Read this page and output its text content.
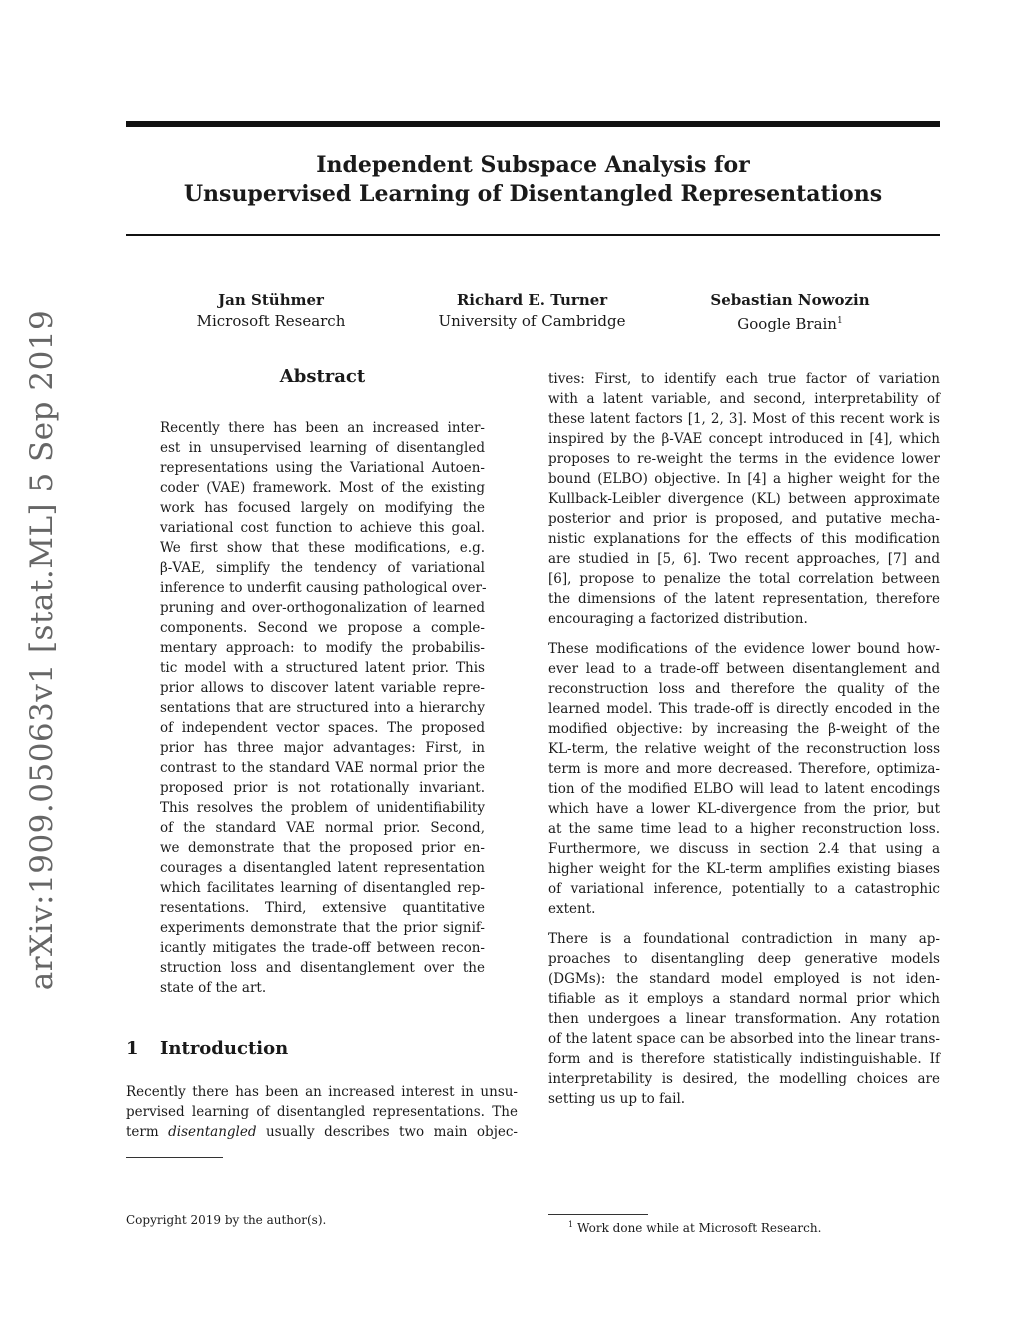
arXiv:1909.05063v1 [stat.ML] 5 Sep 2019
Independent Subspace Analysis for
Unsupervised Learning of Disentangled Representations
Jan Stühmer
Microsoft Research
Richard E. Turner
University of Cambridge
Sebastian Nowozin
Google Brain$^1$
Abstract
Recently there has been an increased inter-
est in unsupervised learning of disentangled
representations using the Variational Autoen-
coder (VAE) framework. Most of the existing
work has focused largely on modifying the
variational cost function to achieve this goal.
We first show that these modifications, e.g.
β-VAE, simplify the tendency of variational
inference to underfit causing pathological over-
pruning and over-orthogonalization of learned
components. Second we propose a comple-
mentary approach: to modify the probabilis-
tic model with a structured latent prior. This
prior allows to discover latent variable repre-
sentations that are structured into a hierarchy
of independent vector spaces. The proposed
prior has three major advantages: First, in
contrast to the standard VAE normal prior the
proposed prior is not rotationally invariant.
This resolves the problem of unidentifiability
of the standard VAE normal prior. Second,
we demonstrate that the proposed prior en-
courages a disentangled latent representation
which facilitates learning of disentangled rep-
resentations. Third, extensive quantitative
experiments demonstrate that the prior signif-
icantly mitigates the trade-off between recon-
struction loss and disentanglement over the
state of the art.
1 Introduction
Recently there has been an increased interest in unsu-
pervised learning of disentangled representations. The
term disentangled usually describes two main objec-
Copyright 2019 by the author(s).
tives: First, to identify each true factor of variation
with a latent variable, and second, interpretability of
these latent factors [1, 2, 3]. Most of this recent work is
inspired by the β-VAE concept introduced in [4], which
proposes to re-weight the terms in the evidence lower
bound (ELBO) objective. In [4] a higher weight for the
Kullback-Leibler divergence (KL) between approximate
posterior and prior is proposed, and putative mecha-
nistic explanations for the effects of this modification
are studied in [5, 6]. Two recent approaches, [7] and
[6], propose to penalize the total correlation between
the dimensions of the latent representation, therefore
encouraging a factorized distribution.
These modifications of the evidence lower bound how-
ever lead to a trade-off between disentanglement and
reconstruction loss and therefore the quality of the
learned model. This trade-off is directly encoded in the
modified objective: by increasing the β-weight of the
KL-term, the relative weight of the reconstruction loss
term is more and more decreased. Therefore, optimiza-
tion of the modified ELBO will lead to latent encodings
which have a lower KL-divergence from the prior, but
at the same time lead to a higher reconstruction loss.
Furthermore, we discuss in section 2.4 that using a
higher weight for the KL-term amplifies existing biases
of variational inference, potentially to a catastrophic
extent.
There is a foundational contradiction in many ap-
proaches to disentangling deep generative models
(DGMs): the standard model employed is not iden-
tifiable as it employs a standard normal prior which
then undergoes a linear transformation. Any rotation
of the latent space can be absorbed into the linear trans-
form and is therefore statistically indistinguishable. If
interpretability is desired, the modelling choices are
setting us up to fail.
$^1$ Work done while at Microsoft Research.
